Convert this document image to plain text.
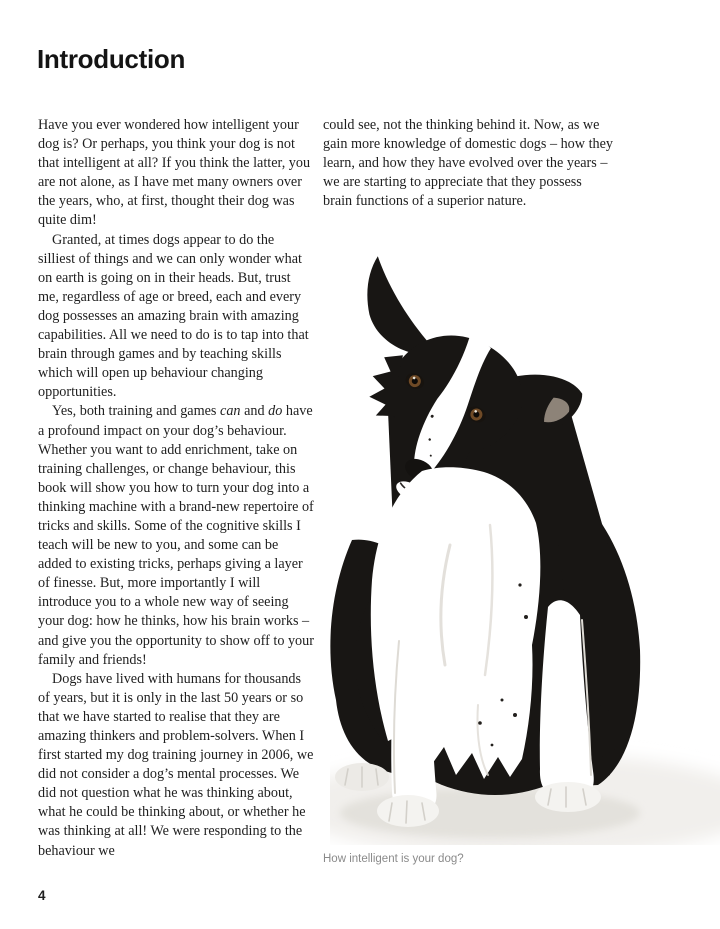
Introduction

Have you ever wondered how intelligent your dog is? Or perhaps, you think your dog is not that intelligent at all? If you think the latter, you are not alone, as I have met many owners over the years, who, at first, thought their dog was quite dim!

Granted, at times dogs appear to do the silliest of things and we can only wonder what on earth is going on in their heads. But, trust me, regardless of age or breed, each and every dog possesses an amazing brain with amazing capabilities. All we need to do is to tap into that brain through games and by teaching skills which will open up behaviour changing opportunities.

Yes, both training and games can and do have a profound impact on your dog’s behaviour. Whether you want to add enrichment, take on training challenges, or change behaviour, this book will show you how to turn your dog into a thinking machine with a brand-new repertoire of tricks and skills. Some of the cognitive skills I teach will be new to you, and some can be added to existing tricks, perhaps giving a layer of finesse. But, more importantly I will introduce you to a whole new way of seeing your dog: how he thinks, how his brain works – and give you the opportunity to show off to your family and friends!

Dogs have lived with humans for thousands of years, but it is only in the last 50 years or so that we have started to realise that they are amazing thinkers and problem-solvers. When I first started my dog training journey in 2006, we did not consider a dog’s mental processes. We did not question what he was thinking about, what he could be thinking about, or whether he was thinking at all! We were responding to the behaviour we

could see, not the thinking behind it. Now, as we gain more knowledge of domestic dogs – how they learn, and how they have evolved over the years – we are starting to appreciate that they possess brain functions of a superior nature.

How intelligent is your dog?
4
